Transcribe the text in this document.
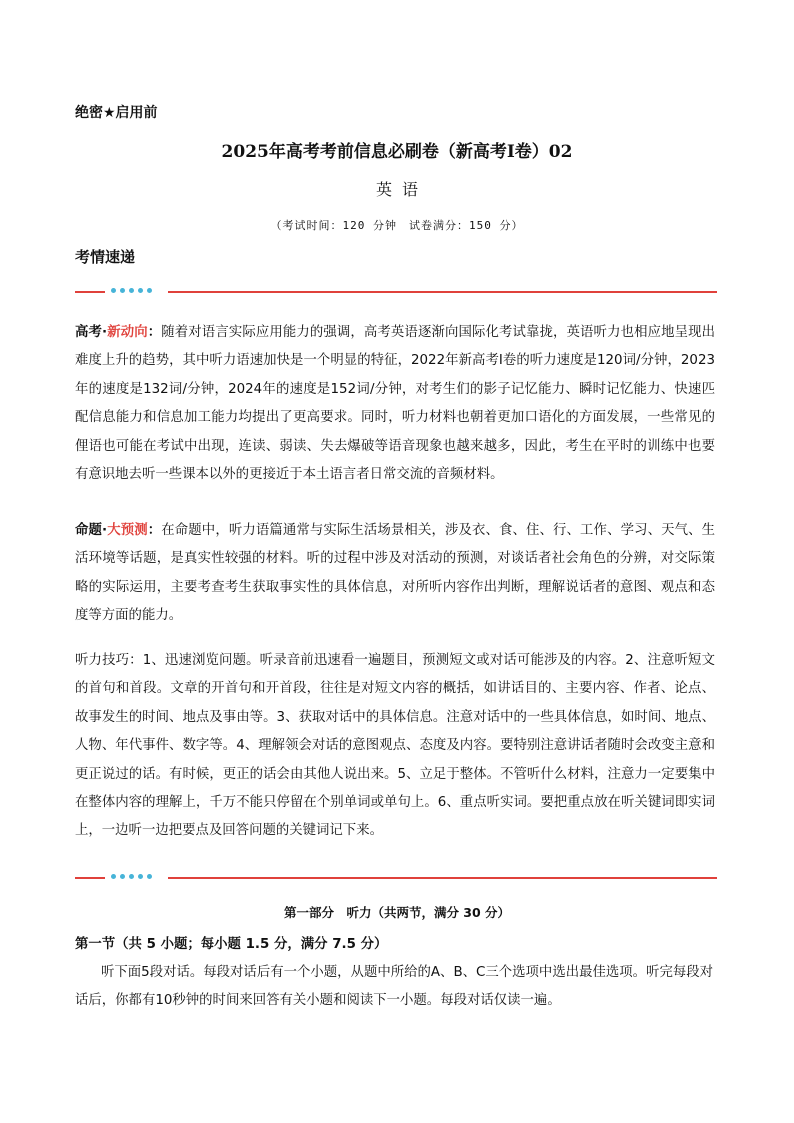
绝密★启用前
2025年高考考前信息必刷卷（新高考I卷）02
英语
（考试时间：120 分钟　试卷满分：150 分）
考情速递
高考·新动向：随着对语言实际应用能力的强调，高考英语逐渐向国际化考试靠拢，英语听力也相应地呈现出难度上升的趋势，其中听力语速加快是一个明显的特征，2022年新高考Ⅰ卷的听力速度是120词/分钟，2023年的速度是132词/分钟，2024年的速度是152词/分钟，对考生们的影子记忆能力、瞬时记忆能力、快速匹配信息能力和信息加工能力均提出了更高要求。同时，听力材料也朝着更加口语化的方面发展，一些常见的俚语也可能在考试中出现，连读、弱读、失去爆破等语音现象也越来越多，因此，考生在平时的训练中也要有意识地去听一些课本以外的更接近于本土语言者日常交流的音频材料。
命题·大预测：在命题中，听力语篇通常与实际生活场景相关，涉及衣、食、住、行、工作、学习、天气、生活环境等话题，是真实性较强的材料。听的过程中涉及对活动的预测，对谈话者社会角色的分辨，对交际策略的实际运用，主要考查考生获取事实性的具体信息，对所听内容作出判断，理解说话者的意图、观点和态度等方面的能力。
听力技巧：1、迅速浏览问题。听录音前迅速看一遍题目，预测短文或对话可能涉及的内容。2、注意听短文的首句和首段。文章的开首句和开首段，往往是对短文内容的概括，如讲话目的、主要内容、作者、论点、故事发生的时间、地点及事由等。3、获取对话中的具体信息。注意对话中的一些具体信息，如时间、地点、人物、年代事件、数字等。4、理解领会对话的意图观点、态度及内容。要特别注意讲话者随时会改变主意和更正说过的话。有时候，更正的话会由其他人说出来。5、立足于整体。不管听什么材料，注意力一定要集中在整体内容的理解上，千万不能只停留在个别单词或单句上。6、重点听实词。要把重点放在听关键词即实词上，一边听一边把要点及回答问题的关键词记下来。
第一部分　听力（共两节，满分 30 分）
第一节（共 5 小题；每小题 1.5 分，满分 7.5 分）
听下面5段对话。每段对话后有一个小题，从题中所给的A、B、C三个选项中选出最佳选项。听完每段对话后，你都有10秒钟的时间来回答有关小题和阅读下一小题。每段对话仅读一遍。
